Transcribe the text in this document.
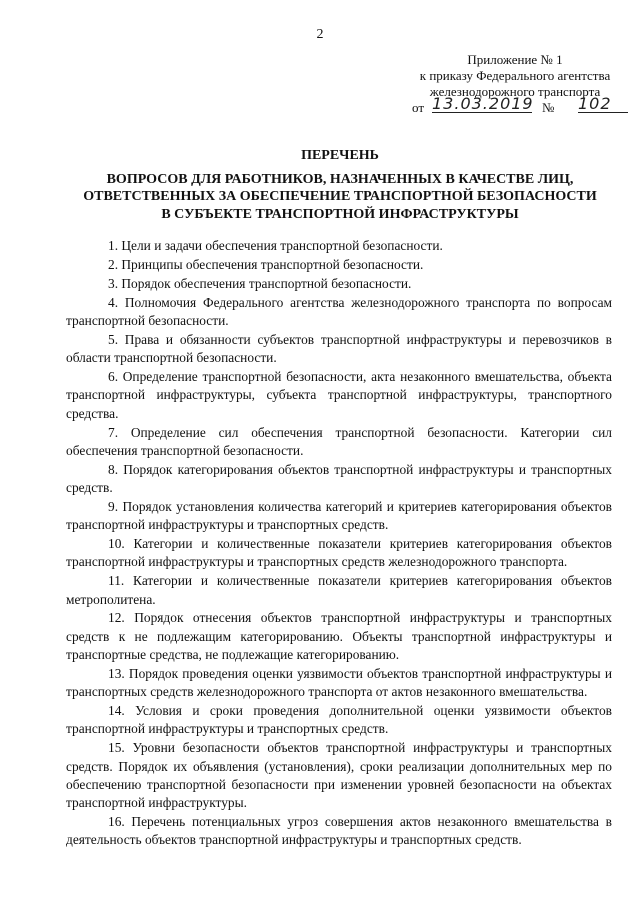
2
Приложение № 1
к приказу Федерального агентства
железнодорожного транспорта
от 13.03.2019 № 102
ПЕРЕЧЕНЬ
ВОПРОСОВ ДЛЯ РАБОТНИКОВ, НАЗНАЧЕННЫХ В КАЧЕСТВЕ ЛИЦ,
ОТВЕТСТВЕННЫХ ЗА ОБЕСПЕЧЕНИЕ ТРАНСПОРТНОЙ БЕЗОПАСНОСТИ
В СУБЪЕКТЕ ТРАНСПОРТНОЙ ИНФРАСТРУКТУРЫ

1. Цели и задачи обеспечения транспортной безопасности.

2. Принципы обеспечения транспортной безопасности.

3. Порядок обеспечения транспортной безопасности.

4. Полномочия Федерального агентства железнодорожного транспорта по вопросам транспортной безопасности.

5. Права и обязанности субъектов транспортной инфраструктуры и перевозчиков в области транспортной безопасности.

6. Определение транспортной безопасности, акта незаконного вмешательства, объекта транспортной инфраструктуры, субъекта транспортной инфраструктуры, транспортного средства.

7. Определение сил обеспечения транспортной безопасности. Категории сил обеспечения транспортной безопасности.

8. Порядок категорирования объектов транспортной инфраструктуры и транспортных средств.

9. Порядок установления количества категорий и критериев категорирования объектов транспортной инфраструктуры и транспортных средств.

10. Категории и количественные показатели критериев категорирования объектов транспортной инфраструктуры и транспортных средств железнодорожного транспорта.

11. Категории и количественные показатели критериев категорирования объектов метрополитена.

12. Порядок отнесения объектов транспортной инфраструктуры и транспортных средств к не подлежащим категорированию. Объекты транспортной инфраструктуры и транспортные средства, не подлежащие категорированию.

13. Порядок проведения оценки уязвимости объектов транспортной инфраструктуры и транспортных средств железнодорожного транспорта от актов незаконного вмешательства.

14. Условия и сроки проведения дополнительной оценки уязвимости объектов транспортной инфраструктуры и транспортных средств.

15. Уровни безопасности объектов транспортной инфраструктуры и транспортных средств. Порядок их объявления (установления), сроки реализации дополнительных мер по обеспечению транспортной безопасности при изменении уровней безопасности на объектах транспортной инфраструктуры.

16. Перечень потенциальных угроз совершения актов незаконного вмешательства в деятельность объектов транспортной инфраструктуры и транспортных средств.
